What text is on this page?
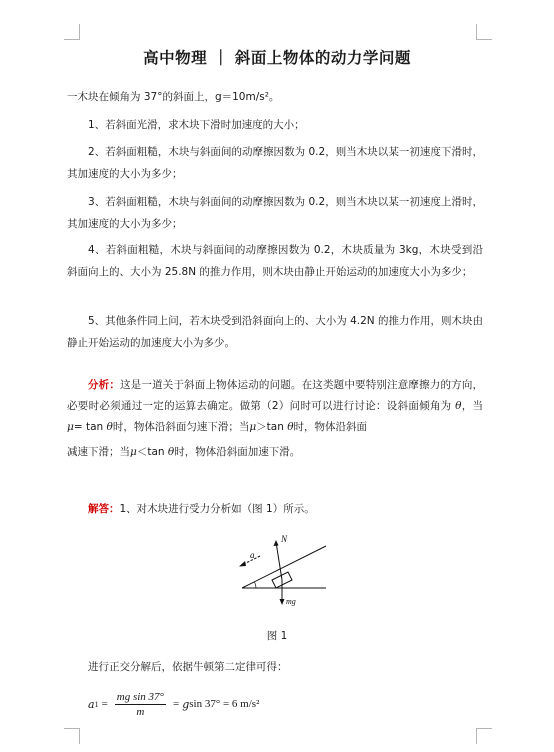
高中物理 ｜ 斜面上物体的动力学问题

一木块在倾角为 37°的斜面上，g＝10m/s²。

1、若斜面光滑，求木块下滑时加速度的大小；

2、若斜面粗糙，木块与斜面间的动摩擦因数为 0.2，则当木块以某一初速度下滑时，其加速度的大小为多少；

3、若斜面粗糙，木块与斜面间的动摩擦因数为 0.2，则当木块以某一初速度上滑时，其加速度的大小为多少；

4、若斜面粗糙，木块与斜面间的动摩擦因数为 0.2，木块质量为 3kg，木块受到沿斜面向上的、大小为 25.8N 的推力作用，则木块由静止开始运动的加速度大小为多少；

5、其他条件同上问，若木块受到沿斜面向上的、大小为 4.2N 的推力作用，则木块由静止开始运动的加速度大小为多少。

分析：这是一道关于斜面上物体运动的问题。在这类题中要特别注意摩擦力的方向，必要时必须通过一定的运算去确定。做第（2）问时可以进行讨论：设斜面倾角为 θ，当μ= tan θ时，物体沿斜面匀速下滑；当μ＞tan θ时，物体沿斜面
减速下滑；当μ＜tan θ时，物体沿斜面加速下滑。

解答：1、对木块进行受力分析如（图 1）所示。

N
a
mg
图 1

进行正交分解后，依据牛顿第二定律可得：

a $1 = \frac{\text{mg sin 37°}}{m} = g$ sin 37° = 6 m/s²
